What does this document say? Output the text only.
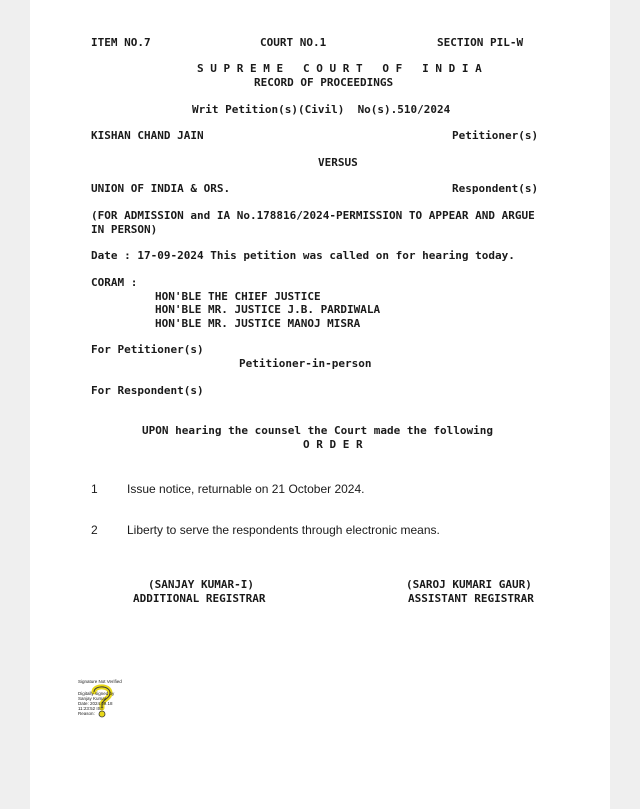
ITEM NO.7	COURT NO.1	SECTION PIL-W
S U P R E M E   C O U R T   O F   I N D I A
RECORD OF PROCEEDINGS
Writ Petition(s)(Civil)  No(s).510/2024
KISHAN CHAND JAIN	Petitioner(s)
VERSUS
UNION OF INDIA & ORS.	Respondent(s)
(FOR ADMISSION and IA No.178816/2024-PERMISSION TO APPEAR AND ARGUE
IN PERSON)
Date : 17-09-2024 This petition was called on for hearing today.
CORAM :
HON'BLE THE CHIEF JUSTICE
HON'BLE MR. JUSTICE J.B. PARDIWALA
HON'BLE MR. JUSTICE MANOJ MISRA
For Petitioner(s)
Petitioner-in-person
For Respondent(s)
UPON hearing the counsel the Court made the following
O R D E R
1 Issue notice, returnable on 21 October 2024.
2 Liberty to serve the respondents through electronic means.
(SANJAY KUMAR-I)
ADDITIONAL REGISTRAR
(SAROJ KUMARI GAUR)
ASSISTANT REGISTRAR
Signature Not Verified
Digitally signed by
Sanjay Kumar
Date: 2024.09.18
11:23:52 IST
Reason:
